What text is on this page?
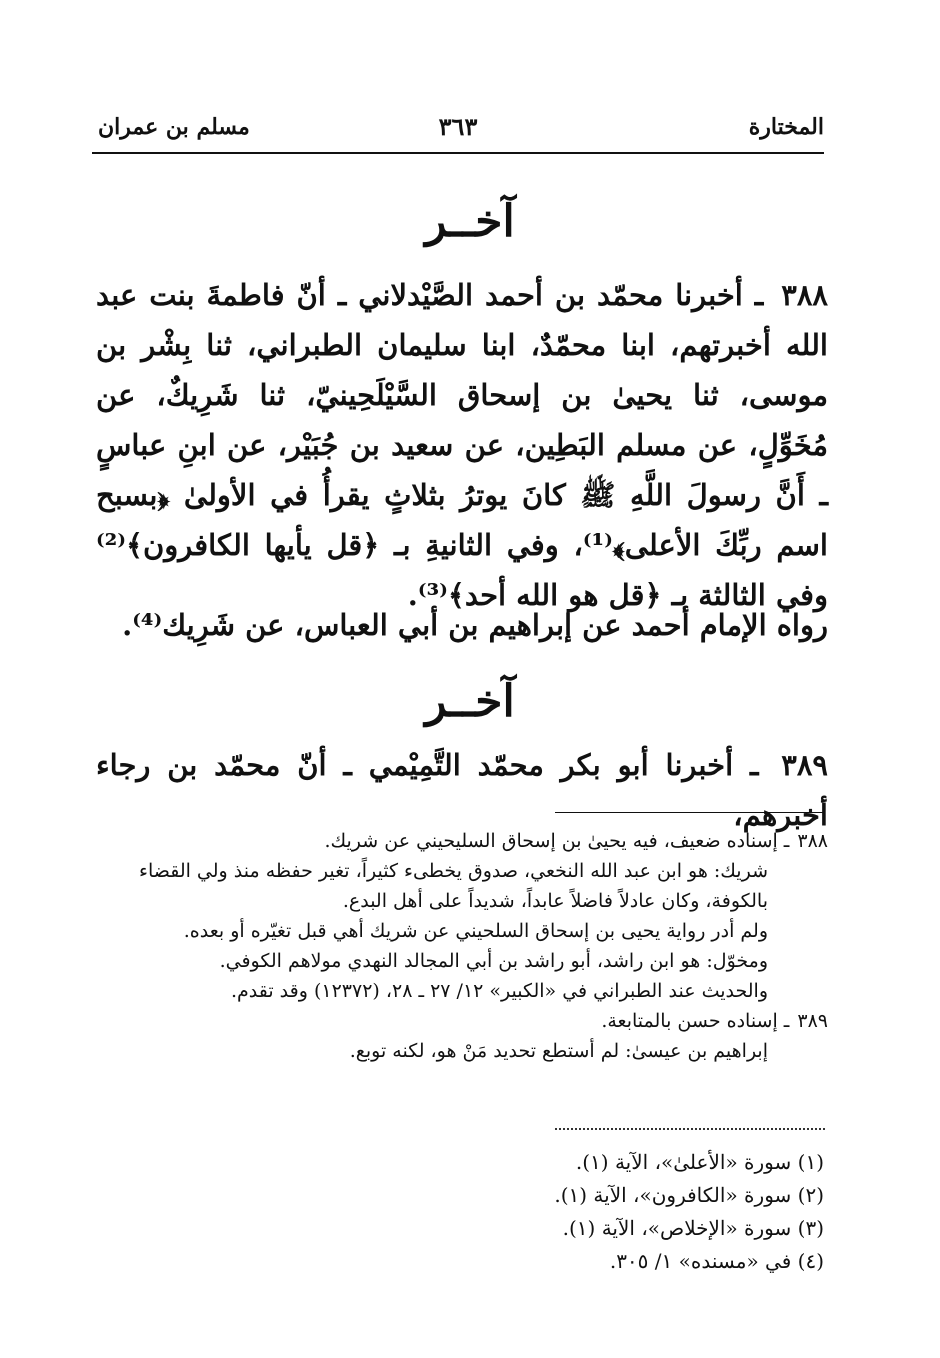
المختارة
٣٦٣
مسلم بن عمران
آخــر
٣٨٨ ـ أخبرنا محمّد بن أحمد الصَّيْدلاني ـ أنّ فاطمةَ بنت عبد الله أخبرتهم، ابنا محمّدٌ، ابنا سليمان الطبراني، ثنا بِشْر بن موسى، ثنا يحيىٰ بن إسحاق السَّيْلَحِينيّ، ثنا شَرِيكٌ، عن مُخَوِّلٍ، عن مسلم البَطِين، عن سعيد بن جُبَيْر، عن ابنِ عباسٍ ـ أَنَّ رسولَ اللَّهِ ﷺ كانَ يوترُ بثلاثٍ يقرأُ في الأولىٰ ﴿بسبح اسم ربِّكَ الأعلى﴾⁽¹⁾، وفي الثانيةِ بـ ﴿قل يأيها الكافرون﴾⁽²⁾ وفي الثالثة بـ ﴿قل هو الله أحد﴾⁽³⁾.
رواه الإمام أحمد عن إبراهيم بن أبي العباس، عن شَرِيك⁽⁴⁾.
آخــر
٣٨٩ ـ أخبرنا أبو بكر محمّد التَّمِيْمي ـ أنّ محمّد بن رجاء أخبرهم،
٣٨٨ـ إسناده ضعيف، فيه يحيىٰ بن إسحاق السليحيني عن شريك.
شريك: هو ابن عبد الله النخعي، صدوق يخطىء كثيراً، تغير حفظه منذ ولي القضاء
بالكوفة، وكان عادلاً فاضلاً عابداً، شديداً على أهل البدع.
ولم أدر رواية يحيى بن إسحاق السلحيني عن شريك أهي قبل تغيّره أو بعده.
ومخوّل: هو ابن راشد، أبو راشد بن أبي المجالد النهدي مولاهم الكوفي.
والحديث عند الطبراني في «الكبير» ١٢/ ٢٧ ـ ٢٨، (١٢٣٧٢) وقد تقدم.
٣٨٩ـ إسناده حسن بالمتابعة.
إبراهيم بن عيسىٰ: لم أستطع تحديد مَنْ هو، لكنه توبع.
(١) سورة «الأعلىٰ»، الآية (١).
(٢) سورة «الكافرون»، الآية (١).
(٣) سورة «الإخلاص»، الآية (١).
(٤) في «مسنده» ١/ ٣٠٥.
